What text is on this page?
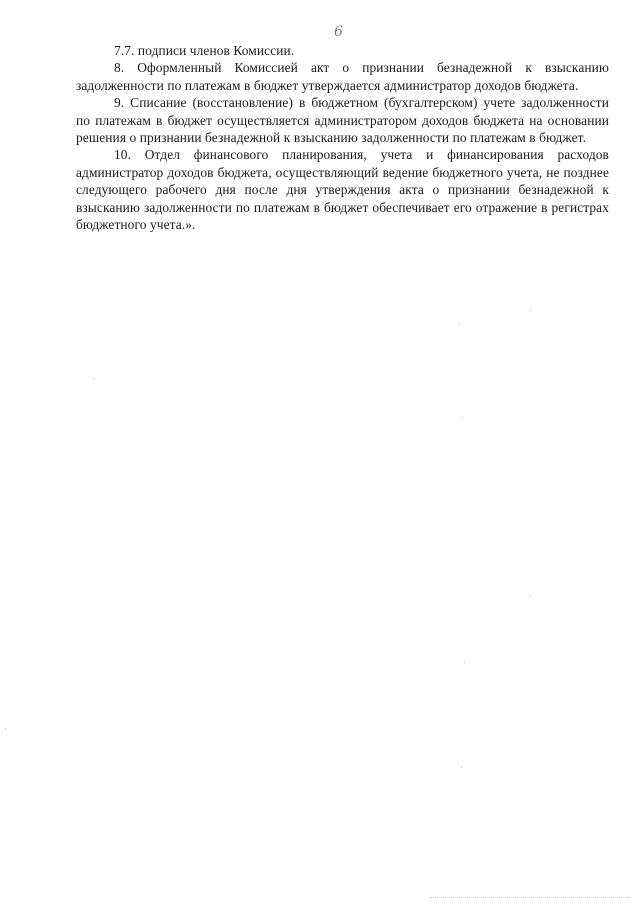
6

7.7. подписи членов Комиссии.

8. Оформленный Комиссией акт о признании безнадежной к взысканию задолженности по платежам в бюджет утверждается администратор доходов бюджета.

9. Списание (восстановление) в бюджетном (бухгалтерском) учете задолженности по платежам в бюджет осуществляется администратором доходов бюджета на основании решения о признании безнадежной к взысканию задолженности по платежам в бюджет.

10. Отдел финансового планирования, учета и финансирования расходов администратор доходов бюджета, осуществляющий ведение бюджетного учета, не позднее следующего рабочего дня после дня утверждения акта о признании безнадежной к взысканию задолженности по платежам в бюджет обеспечивает его отражение в регистрах бюджетного учета.».
